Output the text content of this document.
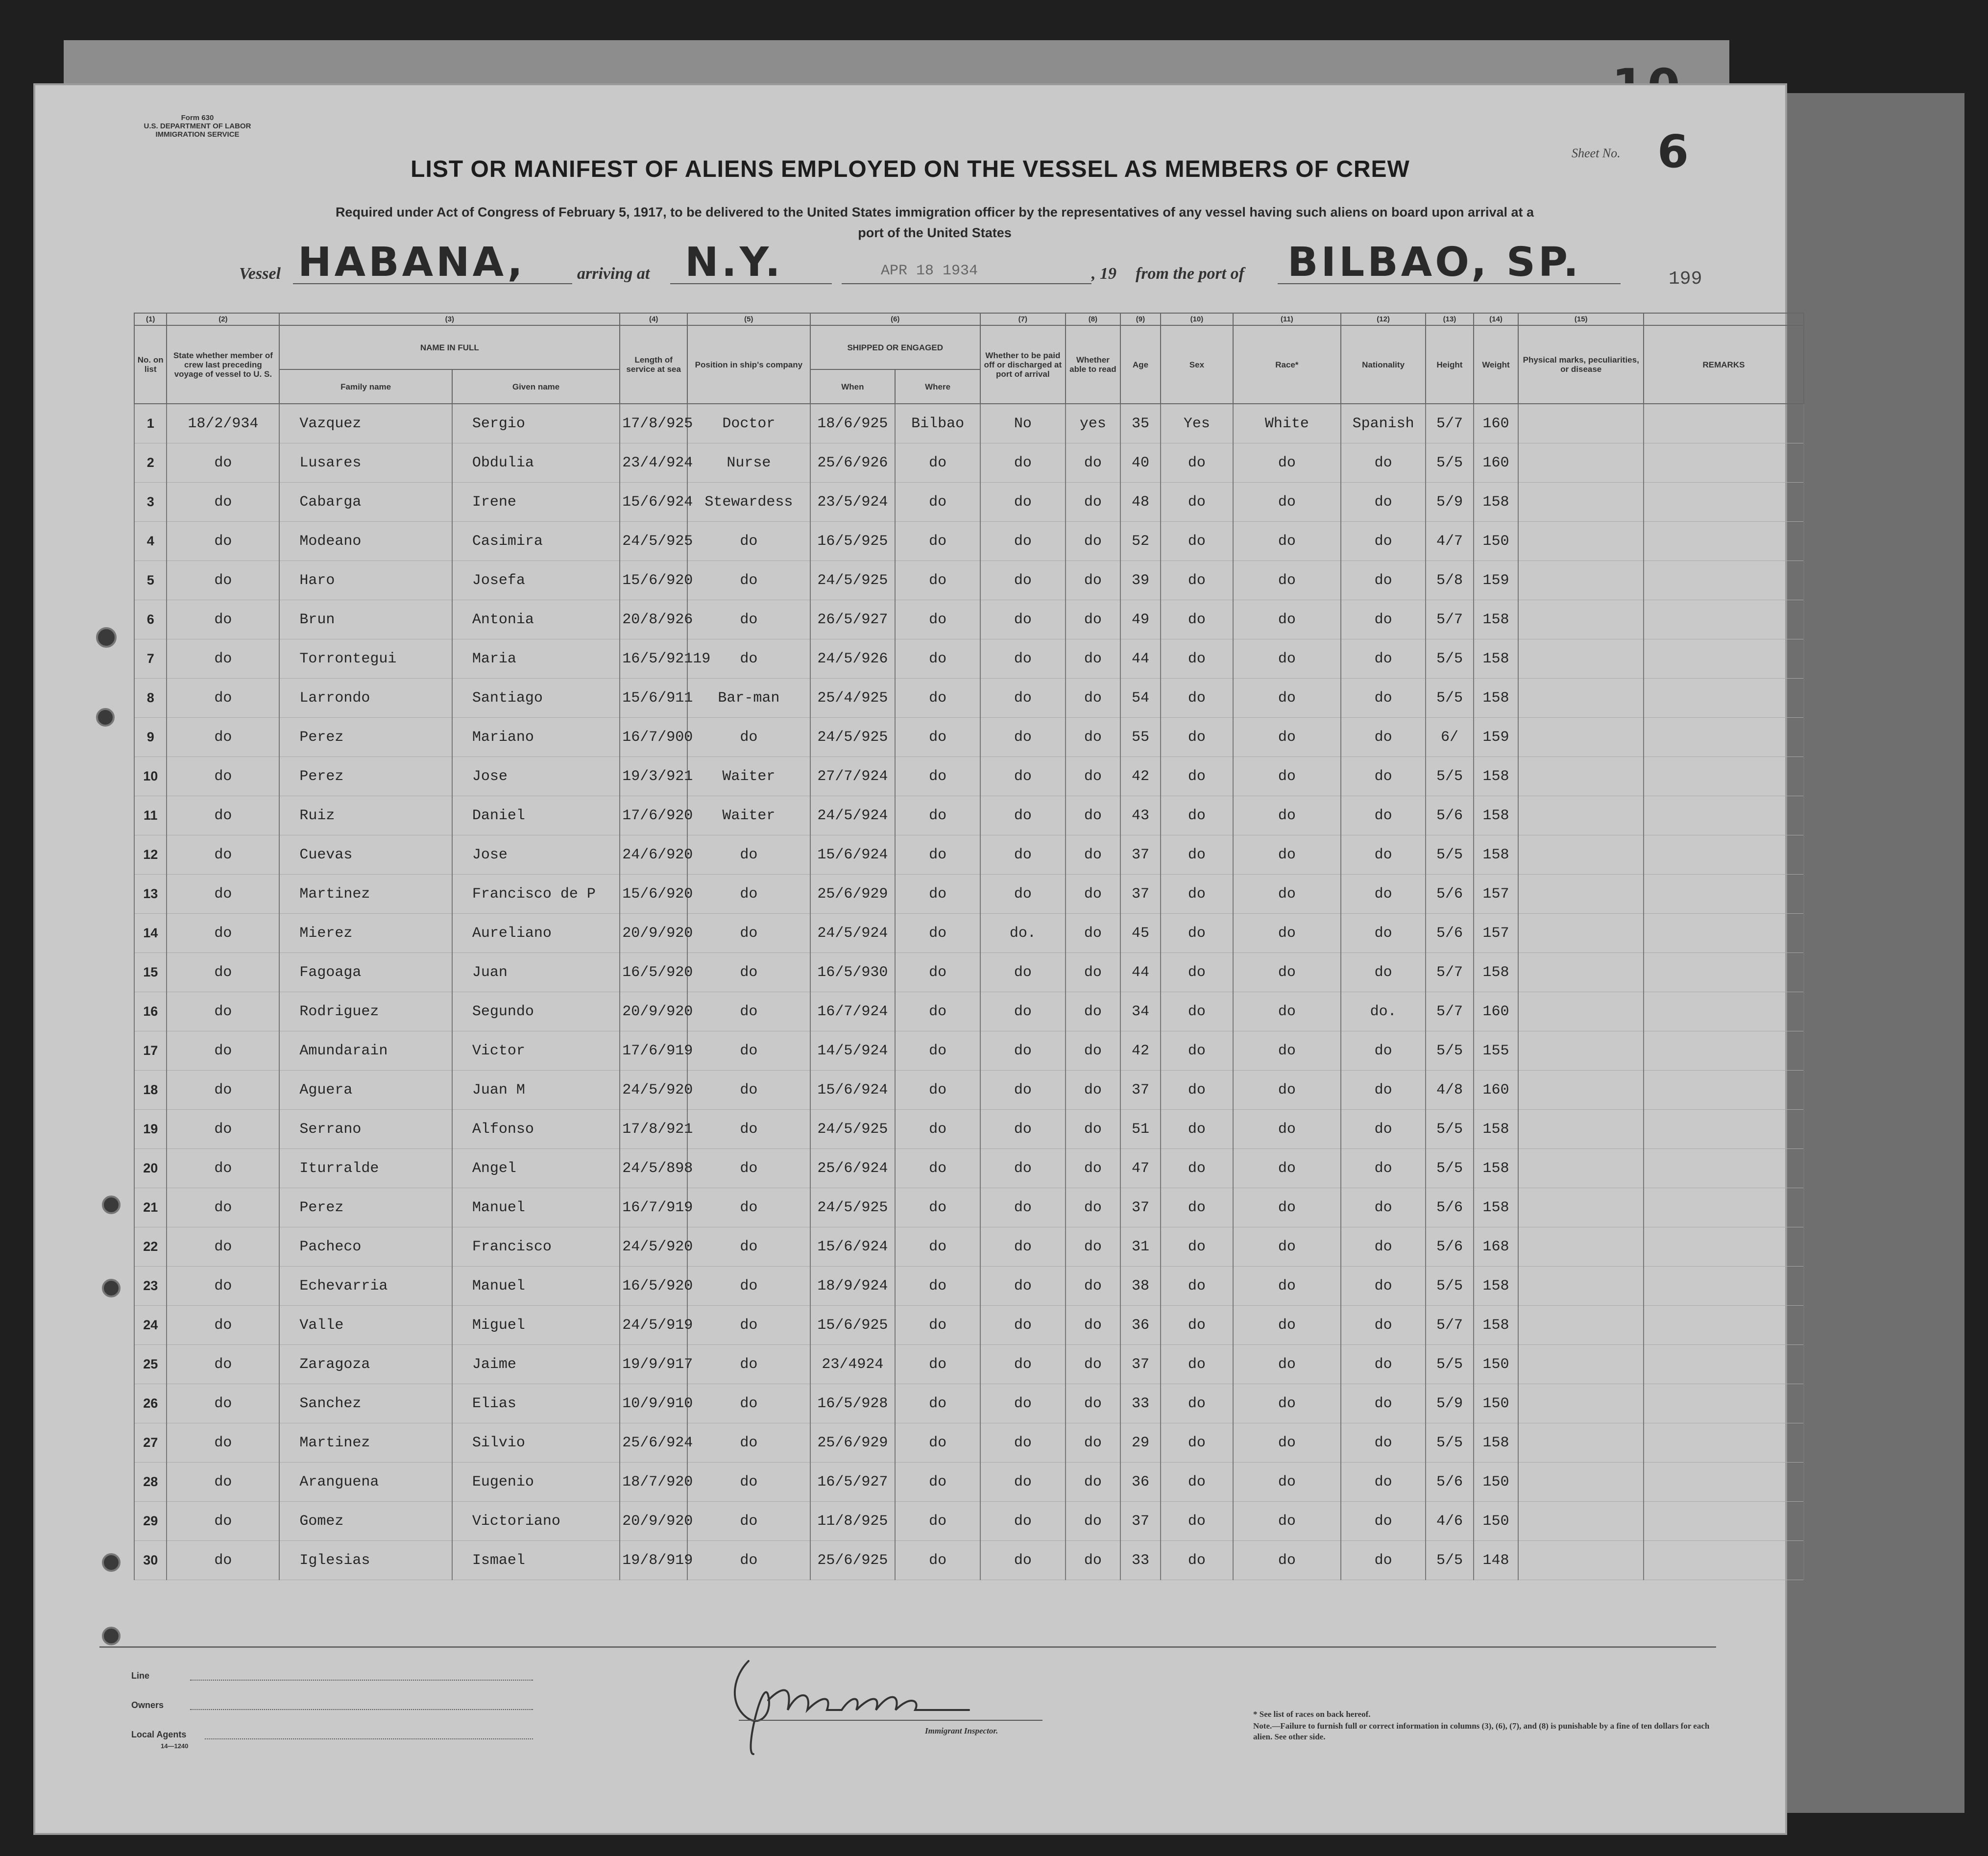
Form 630
U.S. DEPARTMENT OF LABOR
IMMIGRATION SERVICE
Sheet No. 6
LIST OR MANIFEST OF ALIENS EMPLOYED ON THE VESSEL AS MEMBERS OF CREW
Required under Act of Congress of February 5, 1917, to be delivered to the United States immigration officer by the representatives of any vessel having such aliens on board upon arrival at a
port of the United States
Vessel HABANA,	arriving at N.Y.	APR 18 1934	, 19 from the port of BILBAO, SP.	199
Line
Owners
Local Agents
14—1240
Immigrant Inspector.
* See list of races on back hereof.
Note.—Failure to furnish full or correct information in columns (3), (6), (7), and (8) is punishable by a fine of ten dollars for each alien. See other side.
(1)	(2)	(3)		(4)	(5)	(6)		(7)	(8)	(9)	(10)	(11)	(12)	(13)	(14)	(15)	
No. on list	State whether member of crew last preceding voyage of vessel to U. S.	NAME IN FULL		Length of service at sea	Position in ship's company	SHIPPED OR ENGAGED		Whether to be paid off or discharged at port of arrival	Whether able to read	Age	Sex	Race*	Nationality	Height	Weight	Physical marks, peculiarities, or disease	REMARKS
		Family name	Given name			When	Where										
1	18/2/934	Vazquez	Sergio	17/8/925	Doctor	18/6/925	Bilbao	No	yes	35	Yes	White	Spanish	5/7	160		
2	do	Lusares	Obdulia	23/4/924	Nurse	25/6/926	do	do	do	40	do	do	do	5/5	160		
3	do	Cabarga	Irene	15/6/924	Stewardess	23/5/924	do	do	do	48	do	do	do	5/9	158		
4	do	Modeano	Casimira	24/5/925	do	16/5/925	do	do	do	52	do	do	do	4/7	150		
5	do	Haro	Josefa	15/6/920	do	24/5/925	do	do	do	39	do	do	do	5/8	159		
6	do	Brun	Antonia	20/8/926	do	26/5/927	do	do	do	49	do	do	do	5/7	158		
7	do	Torrontegui	Maria	16/5/92119	do	24/5/926	do	do	do	44	do	do	do	5/5	158		
8	do	Larrondo	Santiago	15/6/911	Bar-man	25/4/925	do	do	do	54	do	do	do	5/5	158		
9	do	Perez	Mariano	16/7/900	do	24/5/925	do	do	do	55	do	do	do	6/	159		
10	do	Perez	Jose	19/3/921	Waiter	27/7/924	do	do	do	42	do	do	do	5/5	158		
11	do	Ruiz	Daniel	17/6/920	Waiter	24/5/924	do	do	do	43	do	do	do	5/6	158		
12	do	Cuevas	Jose	24/6/920	do	15/6/924	do	do	do	37	do	do	do	5/5	158		
13	do	Martinez	Francisco de P	15/6/920	do	25/6/929	do	do	do	37	do	do	do	5/6	157		
14	do	Mierez	Aureliano	20/9/920	do	24/5/924	do	do.	do	45	do	do	do	5/6	157		
15	do	Fagoaga	Juan	16/5/920	do	16/5/930	do	do	do	44	do	do	do	5/7	158		
16	do	Rodriguez	Segundo	20/9/920	do	16/7/924	do	do	do	34	do	do	do.	5/7	160		
17	do	Amundarain	Victor	17/6/919	do	14/5/924	do	do	do	42	do	do	do	5/5	155		
18	do	Aguera	Juan M	24/5/920	do	15/6/924	do	do	do	37	do	do	do	4/8	160		
19	do	Serrano	Alfonso	17/8/921	do	24/5/925	do	do	do	51	do	do	do	5/5	158		
20	do	Iturralde	Angel	24/5/898	do	25/6/924	do	do	do	47	do	do	do	5/5	158		
21	do	Perez	Manuel	16/7/919	do	24/5/925	do	do	do	37	do	do	do	5/6	158		
22	do	Pacheco	Francisco	24/5/920	do	15/6/924	do	do	do	31	do	do	do	5/6	168		
23	do	Echevarria	Manuel	16/5/920	do	18/9/924	do	do	do	38	do	do	do	5/5	158		
24	do	Valle	Miguel	24/5/919	do	15/6/925	do	do	do	36	do	do	do	5/7	158		
25	do	Zaragoza	Jaime	19/9/917	do	23/4924	do	do	do	37	do	do	do	5/5	150		
26	do	Sanchez	Elias	10/9/910	do	16/5/928	do	do	do	33	do	do	do	5/9	150		
27	do	Martinez	Silvio	25/6/924	do	25/6/929	do	do	do	29	do	do	do	5/5	158		
28	do	Aranguena	Eugenio	18/7/920	do	16/5/927	do	do	do	36	do	do	do	5/6	150		
29	do	Gomez	Victoriano	20/9/920	do	11/8/925	do	do	do	37	do	do	do	4/6	150		
30	do	Iglesias	Ismael	19/8/919	do	25/6/925	do	do	do	33	do	do	do	5/5	148		
